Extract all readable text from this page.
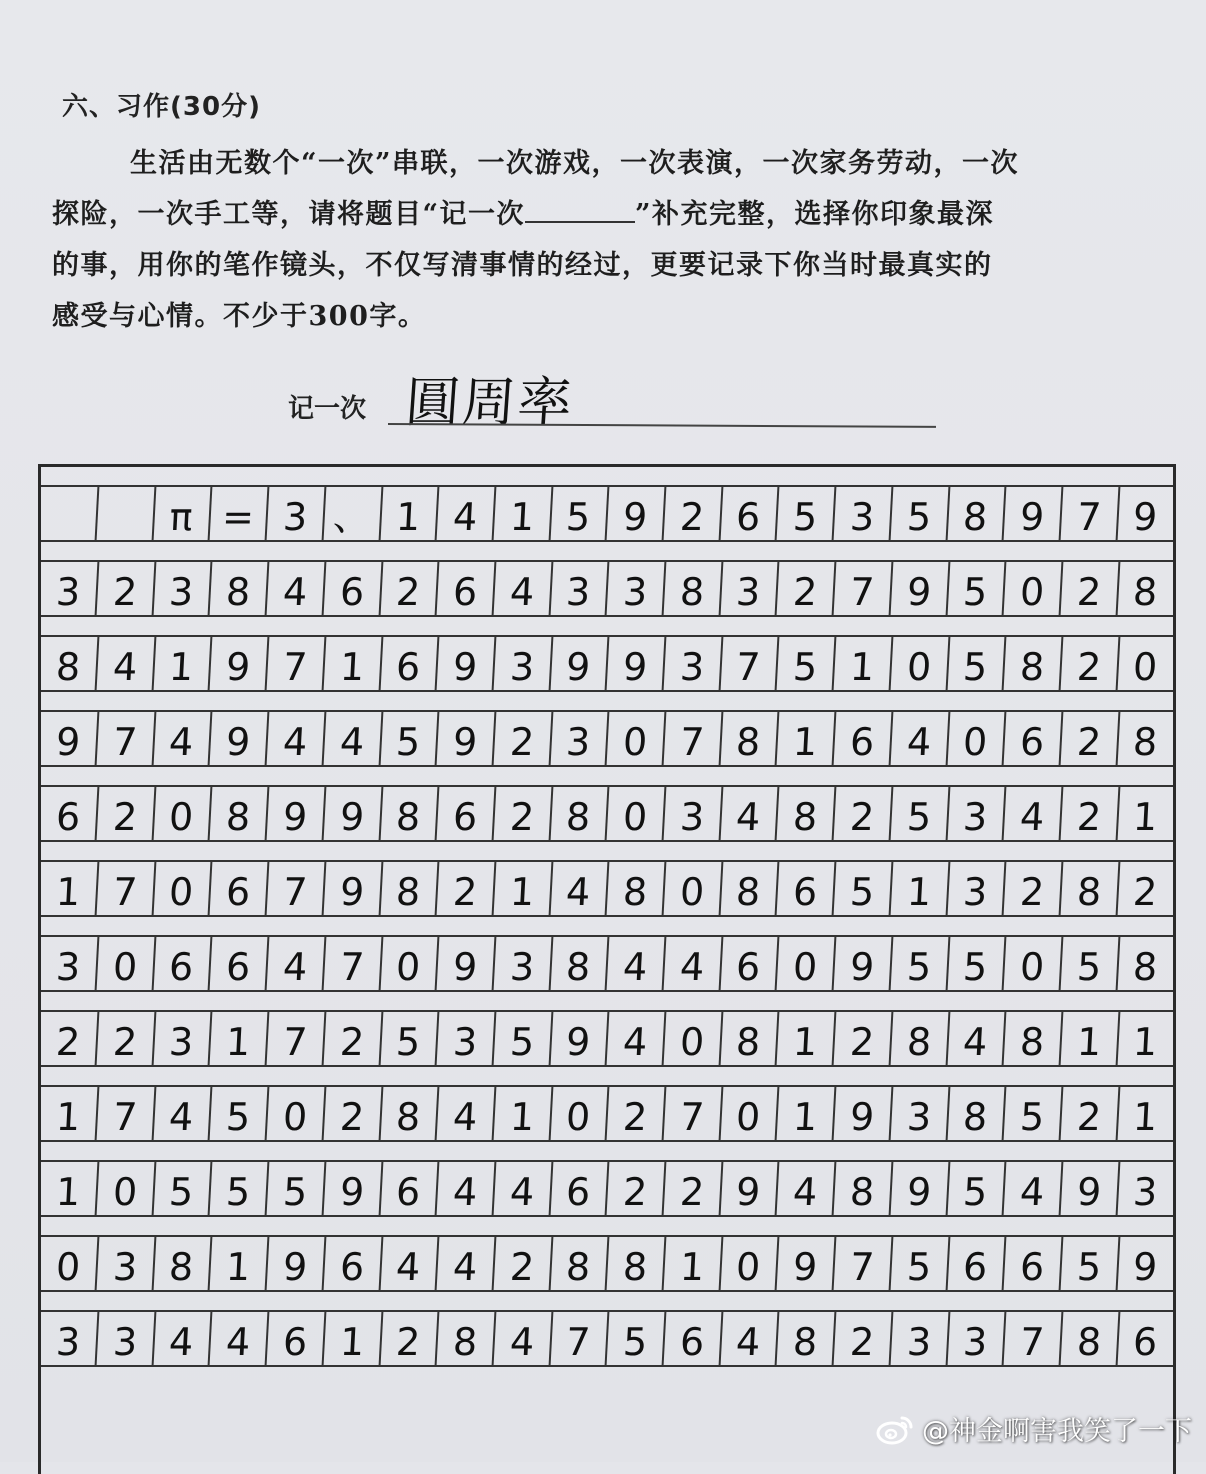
六、习作(30分)
生活由无数个“一次”串联，一次游戏，一次表演，一次家务劳动，一次
探险，一次手工等，请将题目“记一次	”补充完整，选择你印象最深
的事，用你的笔作镜头，不仅写清事情的经过，更要记录下你当时最真实的
感受与心情。不少于300字。
记一次 圓周率
π = 3 、 1 4 1 5 9 2 6 5 3 5 8 9 7 9
3 2 3 8 4 6 2 6 4 3 3 8 3 2 7 9 5 0 2 8
8 4 1 9 7 1 6 9 3 9 9 3 7 5 1 0 5 8 2 0
9 7 4 9 4 4 5 9 2 3 0 7 8 1 6 4 0 6 2 8
6 2 0 8 9 9 8 6 2 8 0 3 4 8 2 5 3 4 2 1
1 7 0 6 7 9 8 2 1 4 8 0 8 6 5 1 3 2 8 2
3 0 6 6 4 7 0 9 3 8 4 4 6 0 9 5 5 0 5 8
2 2 3 1 7 2 5 3 5 9 4 0 8 1 2 8 4 8 1 1
1 7 4 5 0 2 8 4 1 0 2 7 0 1 9 3 8 5 2 1
1 0 5 5 5 9 6 4 4 6 2 2 9 4 8 9 5 4 9 3
0 3 8 1 9 6 4 4 2 8 8 1 0 9 7 5 6 6 5 9
3 3 4 4 6 1 2 8 4 7 5 6 4 8 2 3 3 7 8 6
@神金啊害我笑了一下
